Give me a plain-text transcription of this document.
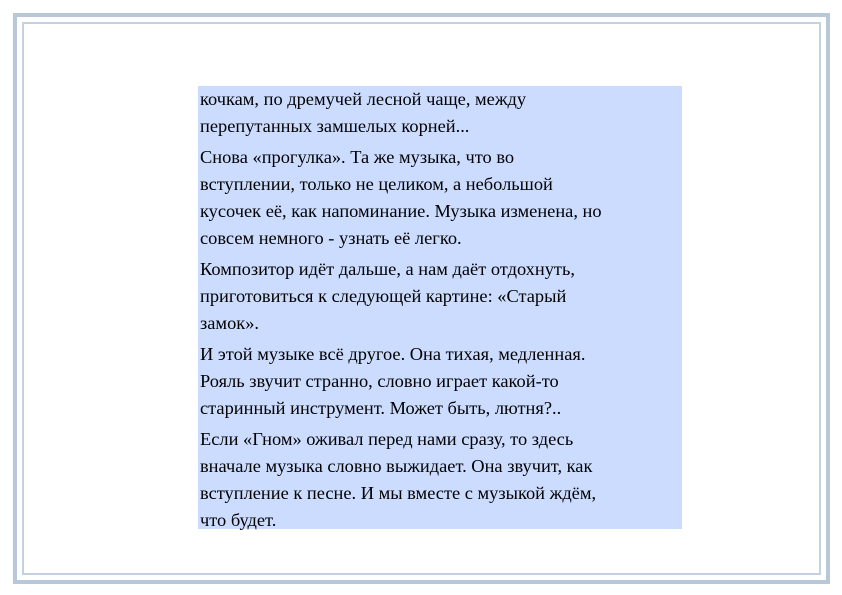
кочкам, по дремучей лесной чаще, между
перепутанных замшелых корней...

Снова «прогулка». Та же музыка, что во
вступлении, только не целиком, а небольшой
кусочек её, как напоминание. Музыка изменена, но
совсем немного - узнать её легко.

Композитор идёт дальше, а нам даёт отдохнуть,
приготовиться к следующей картине: «Старый
замок».

И этой музыке всё другое. Она тихая, медленная.
Рояль звучит странно, словно играет какой-то
старинный инструмент. Может быть, лютня?..

Если «Гном» оживал перед нами сразу, то здесь
вначале музыка словно выжидает. Она звучит, как
вступление к песне. И мы вместе с музыкой ждём,
что будет.
